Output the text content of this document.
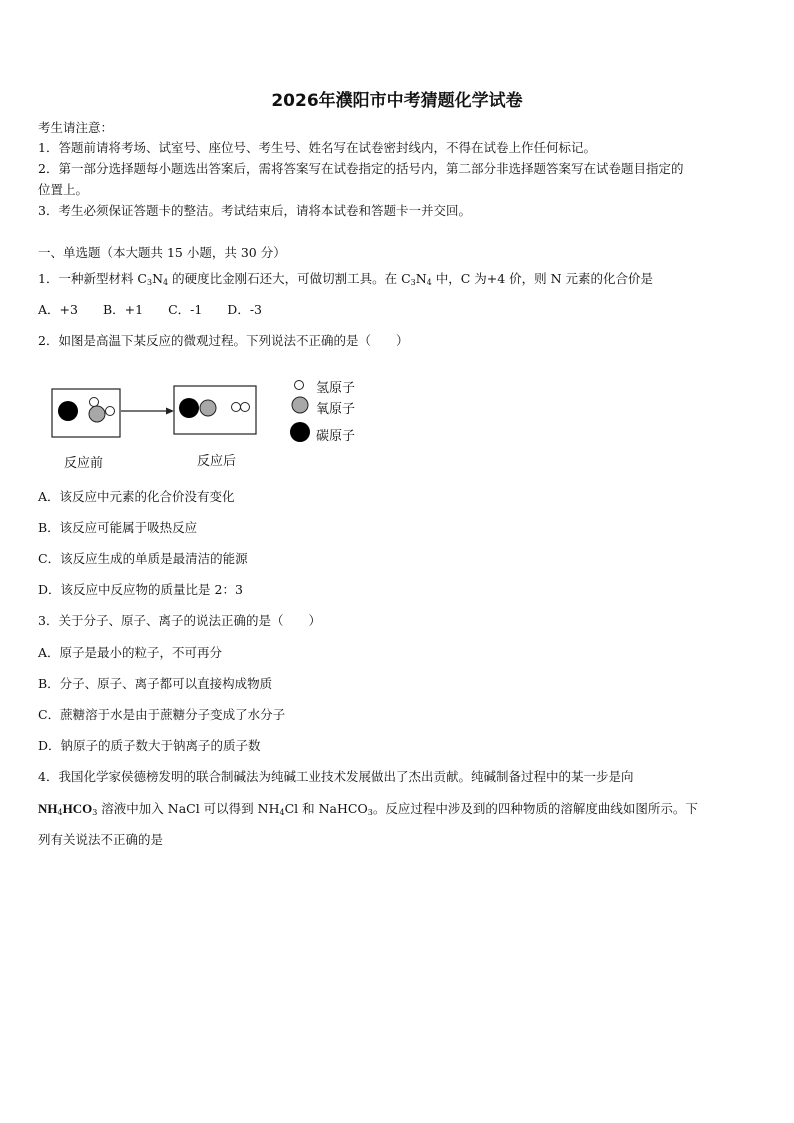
2026年濮阳市中考猜题化学试卷
考生请注意：
1．答题前请将考场、试室号、座位号、考生号、姓名写在试卷密封线内，不得在试卷上作任何标记。
2．第一部分选择题每小题选出答案后，需将答案写在试卷指定的括号内，第二部分非选择题答案写在试卷题目指定的
位置上。
3．考生必须保证答题卡的整洁。考试结束后，请将本试卷和答题卡一并交回。
一、单选题（本大题共 15 小题，共 30 分）
1．一种新型材料 $C_3N_4$ 的硬度比金刚石还大，可做切割工具。在 $C_3N_4$ 中，C 为+4 价，则 N 元素的化合价是
A．+3　　B．+1　　C．-1　　D．-3
2．如图是高温下某反应的微观过程。下列说法不正确的是（　　）
反应前	反应后
氢原子
氧原子
碳原子
A．该反应中元素的化合价没有变化
B．该反应可能属于吸热反应
C．该反应生成的单质是最清洁的能源
D．该反应中反应物的质量比是 2：3
3．关于分子、原子、离子的说法正确的是（　　）
A．原子是最小的粒子，不可再分
B．分子、原子、离子都可以直接构成物质
C．蔗糖溶于水是由于蔗糖分子变成了水分子
D．钠原子的质子数大于钠离子的质子数
4．我国化学家侯德榜发明的联合制碱法为纯碱工业技术发展做出了杰出贡献。纯碱制备过程中的某一步是向
$NH_4HCO_3$ 溶液中加入 NaCl 可以得到 $NH_4Cl$ 和 NaHCO$_3$。反应过程中涉及到的四种物质的溶解度曲线如图所示。下
列有关说法不正确的是
